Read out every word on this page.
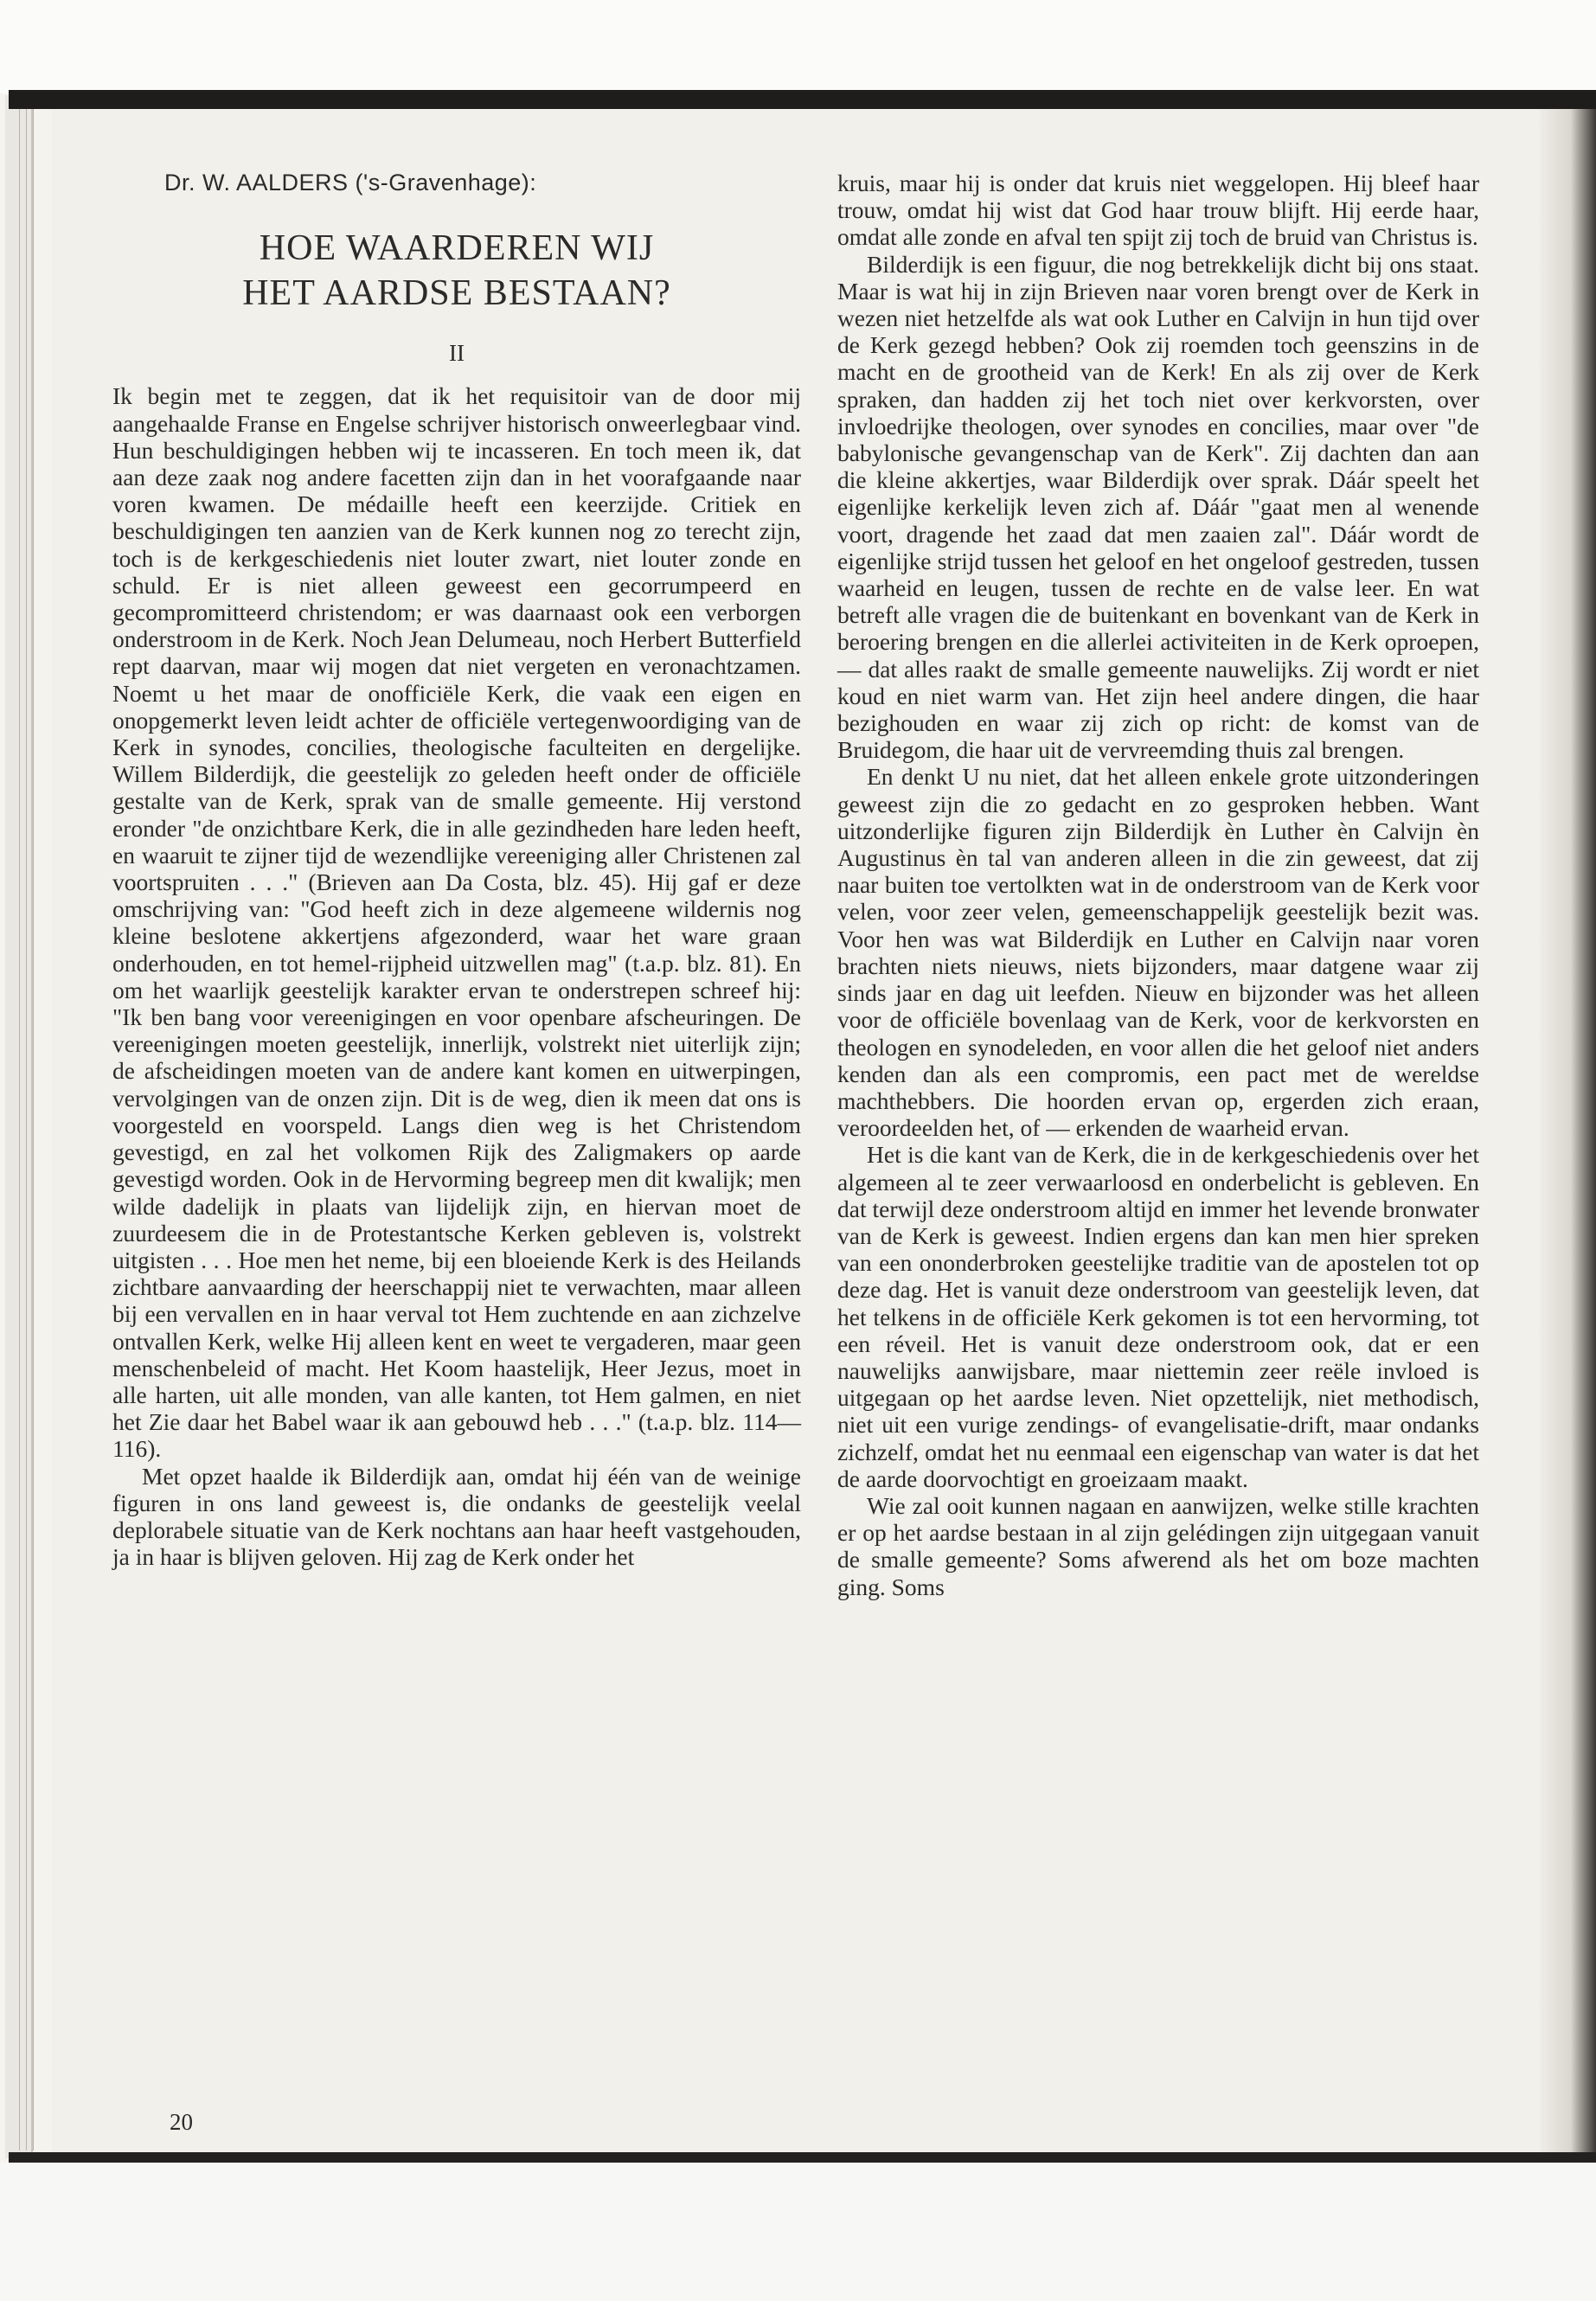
Dr. W. AALDERS ('s-Gravenhage):
HOE WAARDEREN WIJ
HET AARDSE BESTAAN?
II

Ik begin met te zeggen, dat ik het requisitoir van de door mij aangehaalde Franse en Engelse schrijver historisch onweerlegbaar vind. Hun beschuldigingen hebben wij te incasseren. En toch meen ik, dat aan deze zaak nog andere facetten zijn dan in het voorafgaande naar voren kwamen. De médaille heeft een keerzijde. Critiek en beschuldigingen ten aanzien van de Kerk kunnen nog zo terecht zijn, toch is de kerkgeschiedenis niet louter zwart, niet louter zonde en schuld. Er is niet alleen geweest een gecorrumpeerd en gecompromitteerd christendom; er was daarnaast ook een verborgen onderstroom in de Kerk. Noch Jean Delumeau, noch Herbert Butterfield rept daarvan, maar wij mogen dat niet vergeten en veronachtzamen. Noemt u het maar de onofficiële Kerk, die vaak een eigen en onopgemerkt leven leidt achter de officiële vertegenwoordiging van de Kerk in synodes, concilies, theologische faculteiten en dergelijke. Willem Bilderdijk, die geestelijk zo geleden heeft onder de officiële gestalte van de Kerk, sprak van de smalle gemeente. Hij verstond eronder "de onzichtbare Kerk, die in alle gezindheden hare leden heeft, en waaruit te zijner tijd de wezendlijke vereeniging aller Christenen zal voortspruiten . . ." (Brieven aan Da Costa, blz. 45). Hij gaf er deze omschrijving van: "God heeft zich in deze algemeene wildernis nog kleine beslotene akkertjens afgezonderd, waar het ware graan onderhouden, en tot hemel-rijpheid uitzwellen mag" (t.a.p. blz. 81). En om het waarlijk geestelijk karakter ervan te onderstrepen schreef hij: "Ik ben bang voor vereenigingen en voor openbare afscheuringen. De vereenigingen moeten geestelijk, innerlijk, volstrekt niet uiterlijk zijn; de afscheidingen moeten van de andere kant komen en uitwerpingen, vervolgingen van de onzen zijn. Dit is de weg, dien ik meen dat ons is voorgesteld en voorspeld. Langs dien weg is het Christendom gevestigd, en zal het volkomen Rijk des Zaligmakers op aarde gevestigd worden. Ook in de Hervorming begreep men dit kwalijk; men wilde dadelijk in plaats van lijdelijk zijn, en hiervan moet de zuurdeesem die in de Protestantsche Kerken gebleven is, volstrekt uitgisten . . . Hoe men het neme, bij een bloeiende Kerk is des Heilands zichtbare aanvaarding der heerschappij niet te verwachten, maar alleen bij een vervallen en in haar verval tot Hem zuchtende en aan zichzelve ontvallen Kerk, welke Hij alleen kent en weet te vergaderen, maar geen menschenbeleid of macht. Het Koom haastelijk, Heer Jezus, moet in alle harten, uit alle monden, van alle kanten, tot Hem galmen, en niet het Zie daar het Babel waar ik aan gebouwd heb . . ." (t.a.p. blz. 114—116).

Met opzet haalde ik Bilderdijk aan, omdat hij één van de weinige figuren in ons land geweest is, die ondanks de geestelijk veelal deplorabele situatie van de Kerk nochtans aan haar heeft vastgehouden, ja in haar is blijven geloven. Hij zag de Kerk onder het

kruis, maar hij is onder dat kruis niet weggelopen. Hij bleef haar trouw, omdat hij wist dat God haar trouw blijft. Hij eerde haar, omdat alle zonde en afval ten spijt zij toch de bruid van Christus is.

Bilderdijk is een figuur, die nog betrekkelijk dicht bij ons staat. Maar is wat hij in zijn Brieven naar voren brengt over de Kerk in wezen niet hetzelfde als wat ook Luther en Calvijn in hun tijd over de Kerk gezegd hebben? Ook zij roemden toch geenszins in de macht en de grootheid van de Kerk! En als zij over de Kerk spraken, dan hadden zij het toch niet over kerkvorsten, over invloedrijke theologen, over synodes en concilies, maar over "de babylonische gevangenschap van de Kerk". Zij dachten dan aan die kleine akkertjes, waar Bilderdijk over sprak. Dáár speelt het eigenlijke kerkelijk leven zich af. Dáár "gaat men al wenende voort, dragende het zaad dat men zaaien zal". Dáár wordt de eigenlijke strijd tussen het geloof en het ongeloof gestreden, tussen waarheid en leugen, tussen de rechte en de valse leer. En wat betreft alle vragen die de buitenkant en bovenkant van de Kerk in beroering brengen en die allerlei activiteiten in de Kerk oproepen, — dat alles raakt de smalle gemeente nauwelijks. Zij wordt er niet koud en niet warm van. Het zijn heel andere dingen, die haar bezighouden en waar zij zich op richt: de komst van de Bruidegom, die haar uit de vervreemding thuis zal brengen.

En denkt U nu niet, dat het alleen enkele grote uitzonderingen geweest zijn die zo gedacht en zo gesproken hebben. Want uitzonderlijke figuren zijn Bilderdijk èn Luther èn Calvijn èn Augustinus èn tal van anderen alleen in die zin geweest, dat zij naar buiten toe vertolkten wat in de onderstroom van de Kerk voor velen, voor zeer velen, gemeenschappelijk geestelijk bezit was. Voor hen was wat Bilderdijk en Luther en Calvijn naar voren brachten niets nieuws, niets bijzonders, maar datgene waar zij sinds jaar en dag uit leefden. Nieuw en bijzonder was het alleen voor de officiële bovenlaag van de Kerk, voor de kerkvorsten en theologen en synodeleden, en voor allen die het geloof niet anders kenden dan als een compromis, een pact met de wereldse machthebbers. Die hoorden ervan op, ergerden zich eraan, veroordeelden het, of — erkenden de waarheid ervan.

Het is die kant van de Kerk, die in de kerkgeschiedenis over het algemeen al te zeer verwaarloosd en onderbelicht is gebleven. En dat terwijl deze onderstroom altijd en immer het levende bronwater van de Kerk is geweest. Indien ergens dan kan men hier spreken van een ononderbroken geestelijke traditie van de apostelen tot op deze dag. Het is vanuit deze onderstroom van geestelijk leven, dat het telkens in de officiële Kerk gekomen is tot een hervorming, tot een réveil. Het is vanuit deze onderstroom ook, dat er een nauwelijks aanwijsbare, maar niettemin zeer reële invloed is uitgegaan op het aardse leven. Niet opzettelijk, niet methodisch, niet uit een vurige zendings- of evangelisatie-drift, maar ondanks zichzelf, omdat het nu eenmaal een eigenschap van water is dat het de aarde doorvochtigt en groeizaam maakt.

Wie zal ooit kunnen nagaan en aanwijzen, welke stille krachten er op het aardse bestaan in al zijn gelédingen zijn uitgegaan vanuit de smalle gemeente? Soms afwerend als het om boze machten ging. Soms

20
